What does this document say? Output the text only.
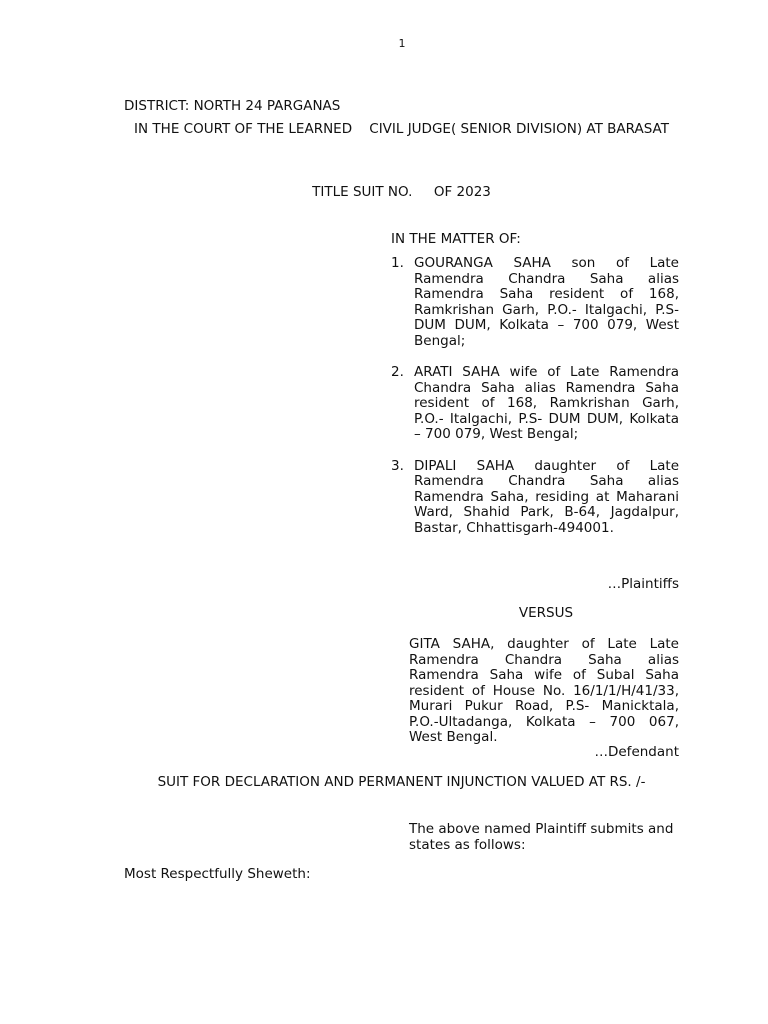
1
DISTRICT: NORTH 24 PARGANAS
IN THE COURT OF THE LEARNED    CIVIL JUDGE( SENIOR DIVISION) AT BARASAT
TITLE SUIT NO.     OF 2023
IN THE MATTER OF:
1. GOURANGA SAHA son of Late Ramendra Chandra Saha alias Ramendra Saha resident of 168, Ramkrishan Garh, P.O.- Italgachi, P.S- DUM DUM, Kolkata – 700 079, West Bengal;
2. ARATI SAHA wife of Late Ramendra Chandra Saha alias Ramendra Saha resident of 168, Ramkrishan Garh, P.O.- Italgachi, P.S- DUM DUM, Kolkata – 700 079, West Bengal;
3. DIPALI SAHA daughter of Late Ramendra Chandra Saha alias Ramendra Saha, residing at Maharani Ward, Shahid Park, B-64, Jagdalpur, Bastar, Chhattisgarh-494001.
…Plaintiffs
VERSUS
GITA SAHA, daughter of Late Late Ramendra Chandra Saha alias Ramendra Saha wife of Subal Saha resident of House No. 16/1/1/H/41/33, Murari Pukur Road, P.S- Manicktala, P.O.-Ultadanga, Kolkata – 700 067, West Bengal.
…Defendant
SUIT FOR DECLARATION AND PERMANENT INJUNCTION VALUED AT RS. /-
The above named Plaintiff submits and states as follows:
Most Respectfully Sheweth:
